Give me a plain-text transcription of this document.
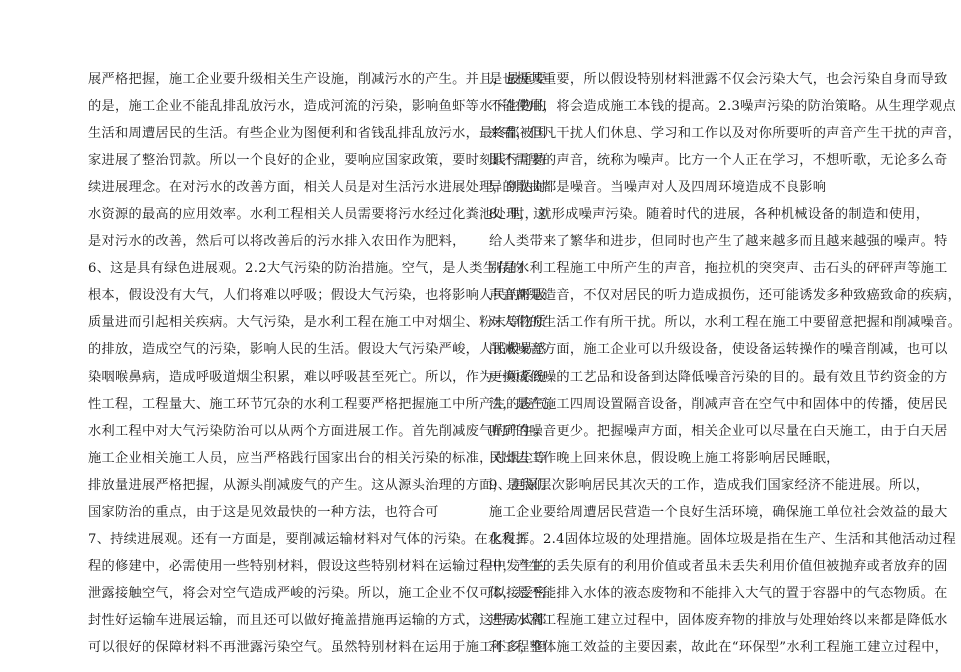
展严格把握，施工企业要升级相关生产设施，削减污水的产生。并且，最重要
的是，施工企业不能乱排乱放污水，造成河流的污染，影响鱼虾等水下生物的
生活和周遭居民的生活。有些企业为图便利和省钱乱排乱放污水，最终都被国
家进展了整治罚款。所以一个良好的企业，要响应国家政策，要时刻践行可持
续进展理念。在对污水的改善方面，相关人员是对生活污水进展处理，到达对
水资源的最高的应用效率。水利工程相关人员需要将污水经过化粪池处理，这
是对污水的改善，然后可以将改善后的污水排入农田作为肥料，
6、这是具有绿色进展观。2.2大气污染的防治措施。空气，是人类生存的
根本，假设没有大气，人们将难以呼吸；假设大气污染，也将影响人民的呼吸
质量进而引起相关疾病。大气污染，是水利工程在施工中对烟尘、粉末等物质
的排放，造成空气的污染，影响人民的生活。假设大气污染严峻，人民极易感
染咽喉鼻病，造成呼吸道烟尘积累，难以呼吸甚至死亡。所以，作为一项系统
性工程，工程量大、施工环节冗杂的水利工程要严格把握施工中所产生的废气。
水利工程中对大气污染防治可以从两个方面进展工作。首先削减废气的产生。
施工企业相关施工人员，应当严格践行国家出台的相关污染的标准，对烟尘等
排放量进展严格把握，从源头削减废气的产生。这从源头治理的方面，是我们
国家防治的重点，由于这是见效最快的一种方法，也符合可
7、持续进展观。还有一方面是，要削减运输材料对气体的污染。在水利工
程的修建中，必需使用一些特别材料，假设这些特别材料在运输过程中发生的
泄露接触空气，将会对空气造成严峻的污染。所以，施工企业不仅可以接受密
封性好运输车进展运输，而且还可以做好掩盖措施再运输的方式，这些方式都
可以很好的保障材料不再泄露污染空气。虽然特别材料在运用于施工不多，但
是也极其重要，所以假设特别材料泄露不仅会污染大气，也会污染自身而导致
不能使用，将会造成施工本钱的提高。2.3噪声污染的防治策略。从生理学观点
来看，但凡干扰人们休息、学习和工作以及对你所要听的声音产生干扰的声音，
即不需要的声音，统称为噪声。比方一个人正在学习，不想听歌，无论多么奇
异的歌曲都是噪音。当噪声对人及四周环境造成不良影响
8、时，就形成噪声污染。随着时代的进展，各种机械设备的制造和使用，
给人类带来了繁华和进步，但同时也产生了越来越多而且越来越强的噪声。特
别是水利工程施工中所产生的声音，拖拉机的突突声、击石头的砰砰声等施工
声音都是造音，不仅对居民的听力造成损伤，还可能诱发多种致癌致命的疾病，
对人们的生活工作有所干扰。所以，水利工程在施工中要留意把握和削减噪音。
削减噪音方面，施工企业可以升级设备，使设备运转操作的噪音削减，也可以
更换成低噪的工艺品和设备到达降低噪音污染的目的。最有效且节约资金的方
法，是在施工四周设置隔音设备，削减声音在空气中和固体中的传播，使居民
听到的噪音更少。把握噪声方面，相关企业可以尽量在白天施工，由于白天居
民出去工作晚上回来休息，假设晚上施工将影响居民睡眠，
9、更深层次影响居民其次天的工作，造成我们国家经济不能进展。所以，
施工企业要给周遭居民营造一个良好生活环境，确保施工单位社会效益的最大
化发挥。2.4固体垃圾的处理措施。固体垃圾是指在生产、生活和其他活动过程
中，产生的丢失原有的利用价值或者虽未丢失利用价值但被抛弃或者放弃的固
体，是不能排入水体的液态废物和不能排入大气的置于容器中的气态物质。在
进展水利工程施工建立过程中，固体废弃物的排放与处理始终以来都是降低水
利工程整体施工效益的主要因素，故此在“环保型”水利工程施工建立过程中，
